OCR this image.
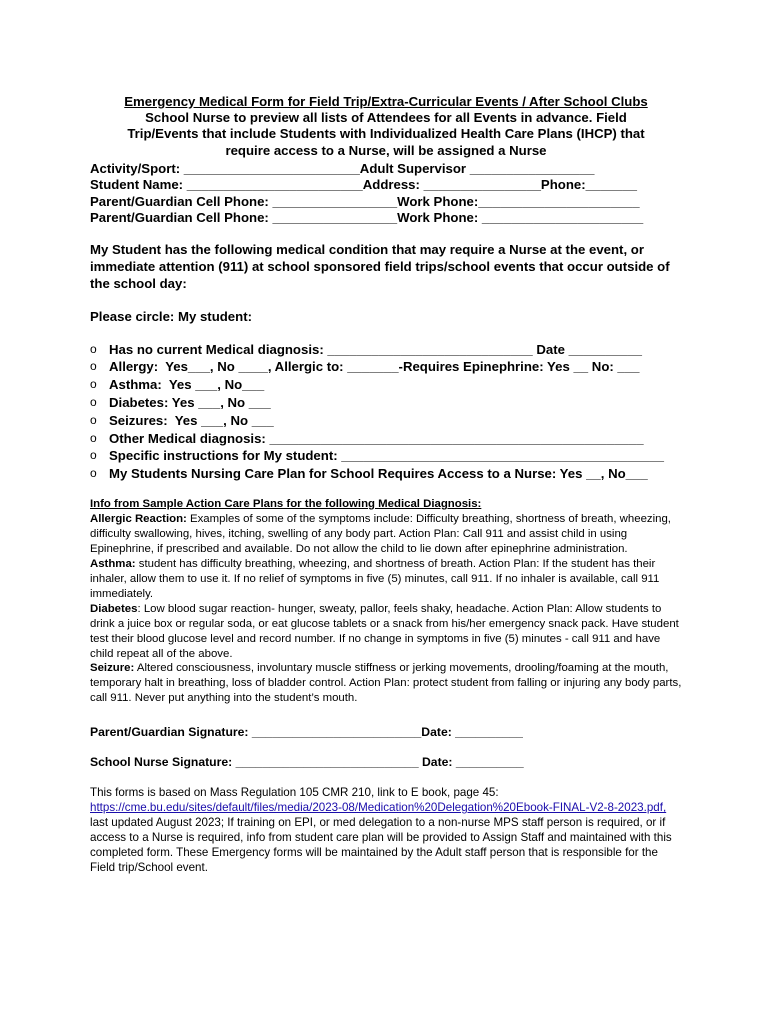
Emergency Medical Form for Field Trip/Extra-Curricular Events / After School Clubs
School Nurse to preview all lists of Attendees for all Events in advance. Field
Trip/Events that include Students with Individualized Health Care Plans (IHCP) that
require access to a Nurse, will be assigned a Nurse
Activity/Sport: ________________________Adult Supervisor _________________
Student Name: ________________________Address: ________________Phone:_______
Parent/Guardian Cell Phone: _________________Work Phone:______________________
Parent/Guardian Cell Phone: _________________Work Phone: ______________________
My Student has the following medical condition that may require a Nurse at the event, or immediate attention (911) at school sponsored field trips/school events that occur outside of the school day:
Please circle: My student:
o Has no current Medical diagnosis: ____________________________ Date __________
o Allergy:  Yes___, No ____, Allergic to: _______-Requires Epinephrine: Yes __ No: ___
o Asthma:  Yes ___, No___
o Diabetes: Yes ___, No ___
o Seizures:  Yes ___, No ___
o Other Medical diagnosis: ___________________________________________________
o Specific instructions for My student: ____________________________________________
o My Students Nursing Care Plan for School Requires Access to a Nurse: Yes __, No___
Info from Sample Action Care Plans for the following Medical Diagnosis:
Allergic Reaction: Examples of some of the symptoms include: Difficulty breathing, shortness of breath, wheezing, difficulty swallowing, hives, itching, swelling of any body part. Action Plan: Call 911 and assist child in using Epinephrine, if prescribed and available. Do not allow the child to lie down after epinephrine administration.
Asthma: student has difficulty breathing, wheezing, and shortness of breath. Action Plan: If the student has their inhaler, allow them to use it. If no relief of symptoms in five (5) minutes, call 911. If no inhaler is available, call 911 immediately.
Diabetes: Low blood sugar reaction- hunger, sweaty, pallor, feels shaky, headache. Action Plan: Allow students to drink a juice box or regular soda, or eat glucose tablets or a snack from his/her emergency snack pack. Have student test their blood glucose level and record number. If no change in symptoms in five (5) minutes - call 911 and have child repeat all of the above.
Seizure: Altered consciousness, involuntary muscle stiffness or jerking movements, drooling/foaming at the mouth, temporary halt in breathing, loss of bladder control. Action Plan: protect student from falling or injuring any body parts, call 911. Never put anything into the student’s mouth.
Parent/Guardian Signature: _________________________Date: __________
School Nurse Signature: ___________________________ Date: __________
This forms is based on Mass Regulation 105 CMR 210, link to E book, page 45:
https://cme.bu.edu/sites/default/files/media/2023-08/Medication%20Delegation%20Ebook-FINAL-V2-8-2023.pdf, last updated August 2023; If training on EPI, or med delegation to a non-nurse MPS staff person is required, or if access to a Nurse is required, info from student care plan will be provided to Assign Staff and maintained with this completed form. These Emergency forms will be maintained by the Adult staff person that is responsible for the Field trip/School event.
